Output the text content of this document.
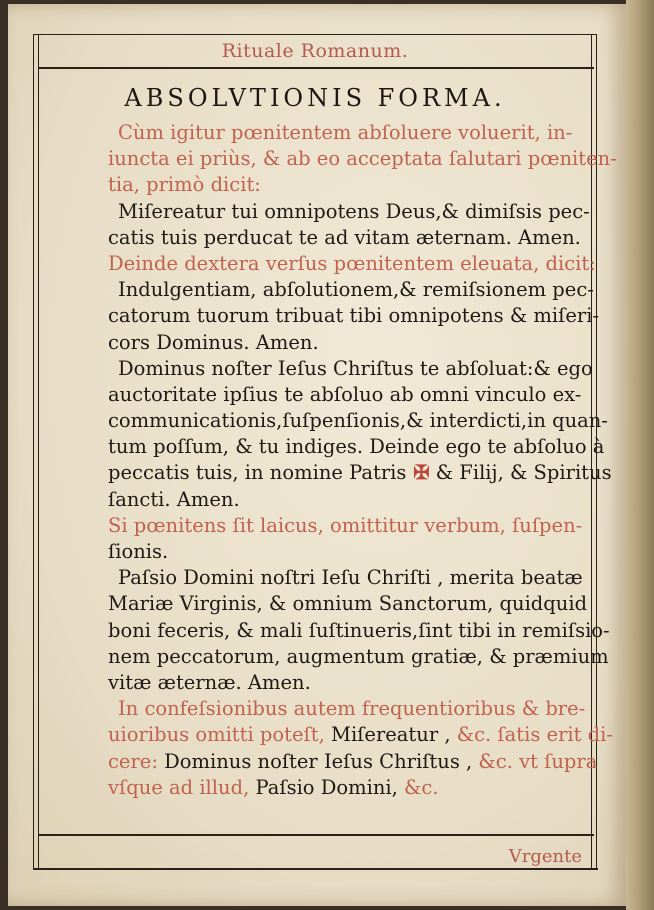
Rituale Romanum.
ABSOLVTIONIS FORMA.
Cùm igitur pœnitentem abſoluere voluerit, in-
iuncta ei priùs, & ab eo acceptata ſalutari pœniten-
tia, primò dicit:
Miſereatur tui omnipotens Deus,& dimiſsis pec-
catis tuis perducat te ad vitam æternam. Amen.
Deinde dextera verſus pœnitentem eleuata, dicit:
Indulgentiam, abſolutionem,& remiſsionem pec-
catorum tuorum tribuat tibi omnipotens & miſeri-
cors Dominus. Amen.
Dominus noſter Ieſus Chriſtus te abſoluat:& ego
auctoritate ipſius te abſoluo ab omni vinculo ex-
communicationis,ſuſpenſionis,& interdicti,in quan-
tum poſſum, & tu indiges. Deinde ego te abſoluo à
peccatis tuis, in nomine Patris ✠ & Filij, & Spiritus
ſancti. Amen.
Si pœnitens ſit laicus, omittitur verbum, ſuſpen-
ſionis.
Paſsio Domini noſtri Ieſu Chriſti , merita beatæ
Mariæ Virginis, & omnium Sanctorum, quidquid
boni feceris, & mali ſuſtinueris,ſint tibi in remiſsio-
nem peccatorum, augmentum gratiæ, & præmium
vitæ æternæ. Amen.
In confeſsionibus autem frequentioribus & bre-
uioribus omitti poteſt, Miſereatur , &c. ſatis erit di-
cere: Dominus noſter Ieſus Chriſtus , &c. vt ſupra
vſque ad illud, Paſsio Domini, &c.
Vrgente
